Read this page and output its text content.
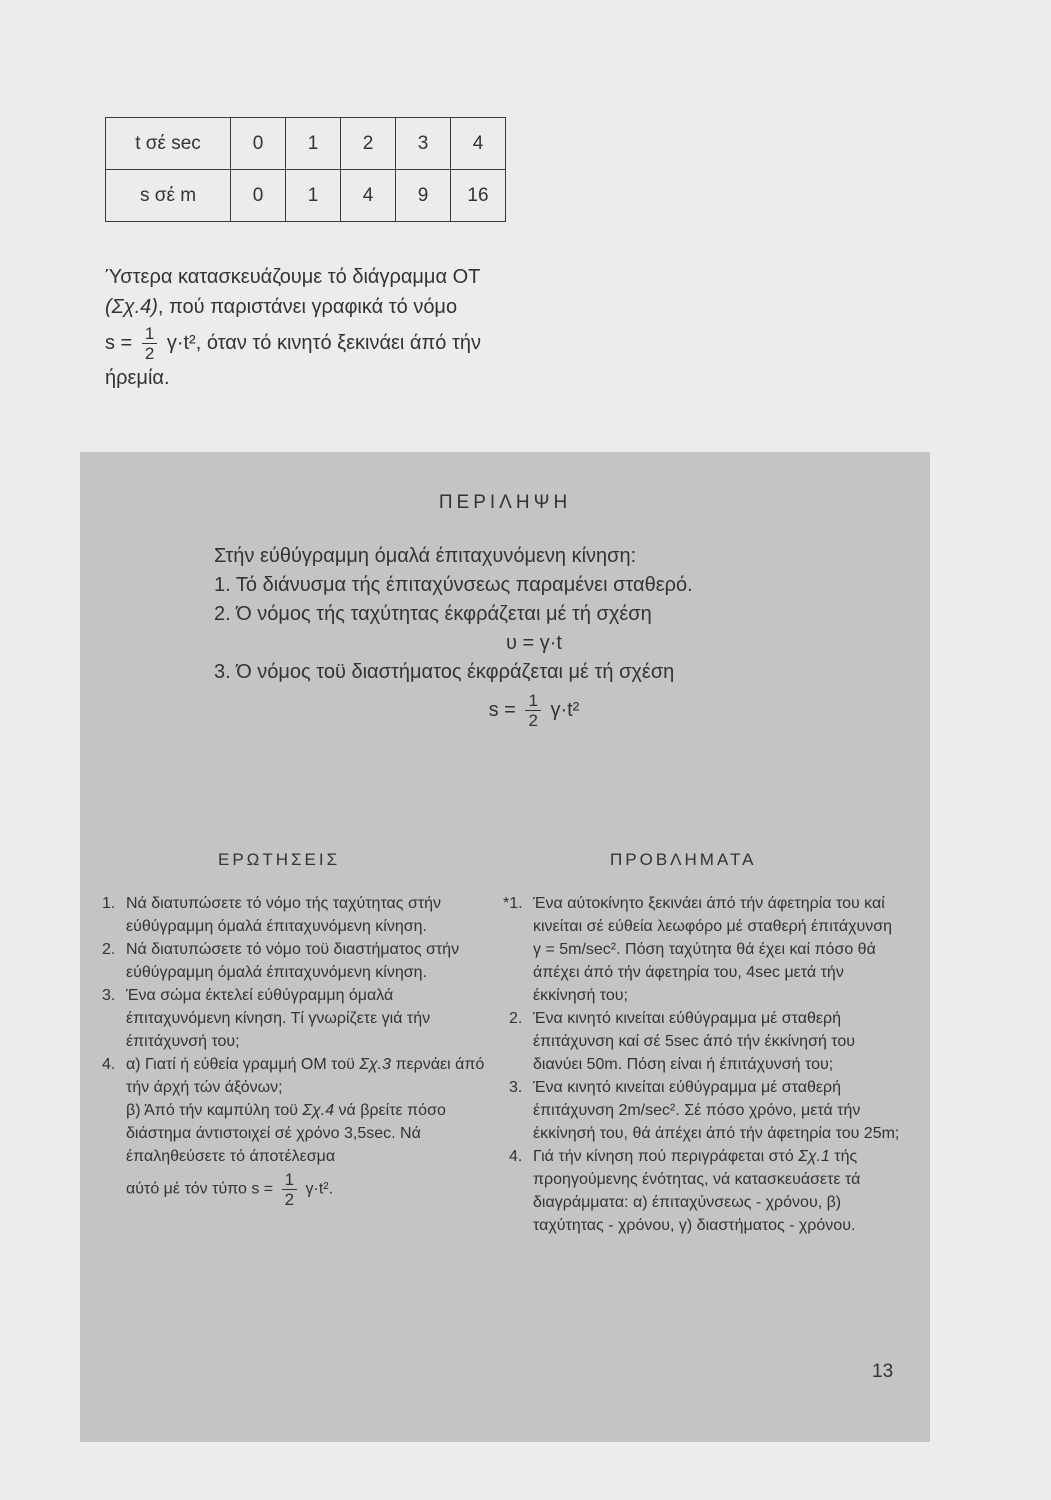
t σέ sec	0	1	2	3	4
s σέ m	0	1	4	9	16

Ύστερα κατασκευάζουμε τό διάγραμμα ΟΤ

(Σχ.4), πού παριστάνει γραφικά τό νόμο

$s = \frac{1}{2} \gamma\cdot t^2$, όταν τό κινητό ξεκινάει άπό τήν

ήρεμία.

ΠΕΡΙΛΗΨΗ

Στήν εύθύγραμμη όμαλά έπιταχυνόμενη κίνηση:

1. Τό διάνυσμα τής έπιταχύνσεως παραμένει σταθερό.

2. Ό νόμος τής ταχύτητας έκφράζεται μέ τή σχέση

υ = γ·t

3. Ό νόμος τοϋ διαστήματος έκφράζεται μέ τή σχέση

$s = \frac{1}{2} \gamma\cdot t^2$

ΕΡΩΤΗΣΕΙΣ	ΠΡΟΒΛΗΜΑΤΑ
1. Νά διατυπώσετε τό νόμο τής ταχύτητας στήν εύθύγραμμη όμαλά έπιταχυνόμενη κίνηση.
2. Νά διατυπώσετε τό νόμο τοϋ διαστήματος στήν εύθύγραμμη όμαλά έπιταχυνόμενη κίνηση.
3. Ένα σώμα έκτελεί εύθύγραμμη όμαλά έπιταχυνόμενη κίνηση. Τί γνωρίζετε γιά τήν έπιτάχυνσή του;
4. α) Γιατί ή εύθεία γραμμή ΟΜ τοϋ Σχ.3 περνάει άπό τήν άρχή τών άξόνων;
β) Άπό τήν καμπύλη τοϋ Σχ.4 νά βρείτε πόσο διάστημα άντιστοιχεί σέ χρόνο 3,5sec. Νά έπαληθεύσετε τό άποτέλεσμα
αύτό μέ τόν τύπο $s = \frac{1}{2} \gamma\cdot t^2$.
*1. Ένα αύτοκίνητο ξεκινάει άπό τήν άφετηρία του καί κινείται σέ εύθεία λεωφόρο μέ σταθερή έπιτάχυνση γ = 5m/sec². Πόση ταχύτητα θά έχει καί πόσο θά άπέχει άπό τήν άφετηρία του, 4sec μετά τήν έκκίνησή του;
2. Ένα κινητό κινείται εύθύγραμμα μέ σταθερή έπιτάχυνση καί σέ 5sec άπό τήν έκκίνησή του διανύει 50m. Πόση είναι ή έπιτάχυνσή του;
3. Ένα κινητό κινείται εύθύγραμμα μέ σταθερή έπιτάχυνση 2m/sec². Σέ πόσο χρόνο, μετά τήν έκκίνησή του, θά άπέχει άπό τήν άφετηρία του 25m;
4. Γιά τήν κίνηση πού περιγράφεται στό Σχ.1 τής προηγούμενης ένότητας, νά κατασκευάσετε τά διαγράμματα: α) έπιταχύνσεως - χρόνου, β) ταχύτητας - χρόνου, γ) διαστήματος - χρόνου.
13
